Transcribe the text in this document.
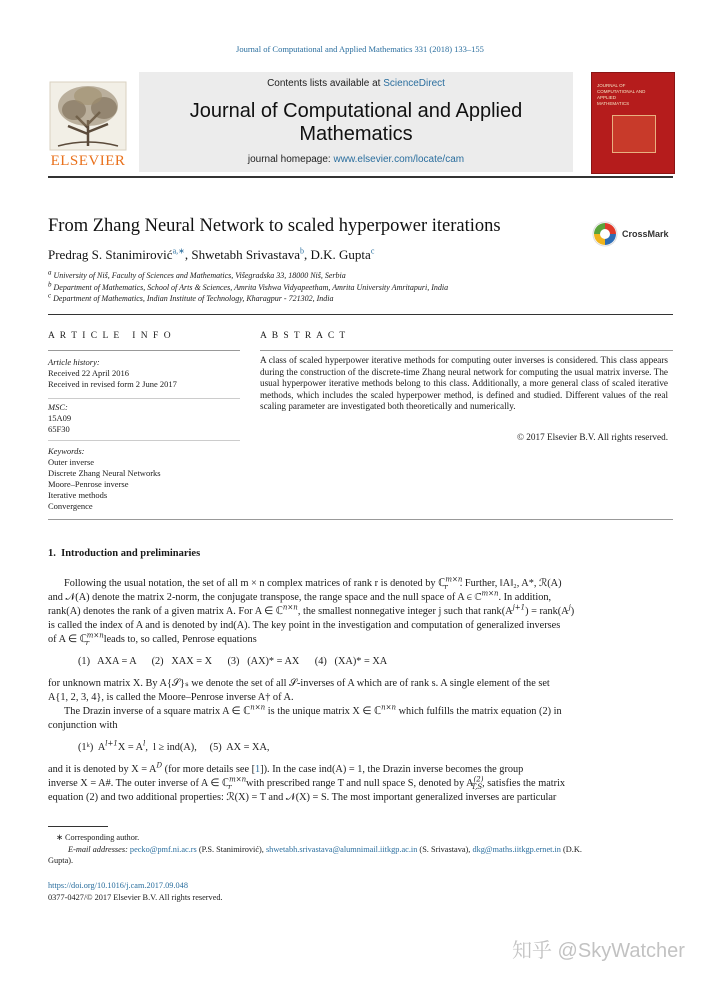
Journal of Computational and Applied Mathematics 331 (2018) 133–155
ELSEVIER
Contents lists available at ScienceDirect
Journal of Computational and Applied
Mathematics
journal homepage: www.elsevier.com/locate/cam
JOURNAL OF
COMPUTATIONAL AND
APPLIED
MATHEMATICS
From Zhang Neural Network to scaled hyperpower iterations	CrossMark
Predrag S. Stanimirović$^{a,∗}$, Shwetabh Srivastava$^b$, D.K. Gupta$^c$
$^a$ University of Niš, Faculty of Sciences and Mathematics, Višegradska 33, 18000 Niš, Serbia
$^b$ Department of Mathematics, School of Arts & Sciences, Amrita Vishwa Vidyapeetham, Amrita University Amritapuri, India
$^c$ Department of Mathematics, Indian Institute of Technology, Kharagpur - 721302, India
A R T I C L E   I N F O
Article history:
Received 22 April 2016
Received in revised form 2 June 2017
MSC:
15A09
65F30
Keywords:
Outer inverse
Discrete Zhang Neural Networks
Moore–Penrose inverse
Iterative methods
Convergence
A B S T R A C T
A class of scaled hyperpower iterative methods for computing outer inverses is considered. This class appears during the construction of the discrete-time Zhang neural network for computing the usual matrix inverse. The usual hyperpower iterative methods belong to this class. Additionally, a more general class of scaled iterative methods, which includes the scaled hyperpower method, is defined and studied. Different values of the real scaling parameter are investigated both theoretically and numerically.
© 2017 Elsevier B.V. All rights reserved.
1.  Introduction and preliminaries
Following the usual notation, the set of all m × n complex matrices of rank r is denoted by ℂ$^{m\times n}_r$ . Further, ‖A‖₂, A*, ℛ(A)
and 𝒩(A) denote the matrix 2-norm, the conjugate transpose, the range space and the null space of A ∈ ℂ$^{m\times n}$. In addition,
rank(A) denotes the rank of a given matrix A. For A ∈ ℂ$^{n\times n}$, the smallest nonnegative integer j such that $rank(A^{j+1})$ = $rank(A^j)$
is called the index of A and is denoted by ind(A). The key point in the investigation and computation of generalized inverses
of A ∈ ℂ$^{m\times n}_r$ leads to, so called, Penrose equations
(1)   AXA = A      (2)   XAX = X      (3)   (AX)* = AX      (4)   (XA)* = XA
for unknown matrix X. By A{𝒮}ₛ we denote the set of all 𝒮-inverses of A which are of rank s. A single element of the set
A{1, 2, 3, 4}, is called the Moore–Penrose inverse A† of A.
The Drazin inverse of a square matrix A ∈ ℂ$^{n\times n}$ is the unique matrix X ∈ ℂ$^{n\times n}$ which fulfills the matrix equation (2) in
conjunction with
(1ᵏ)  $A^{l+1}X = A^l$,  l ≥ ind(A),     (5)  AX = XA,
and it is denoted by $X = A^D$ (for more details see [1]). In the case ind(A) = 1, the Drazin inverse becomes the group
inverse X = A#. The outer inverse of A ∈ ℂ$^{m\times n}_r$ with prescribed range T and null space S, denoted by $A^{(2)}_{T,S}$, satisfies the matrix
equation (2) and two additional properties: ℛ(X) = T and 𝒩(X) = S. The most important generalized inverses are particular
∗ Corresponding author.
E-mail addresses: pecko@pmf.ni.ac.rs (P.S. Stanimirović), shwetabh.srivastava@alumnimail.iitkgp.ac.in (S. Srivastava), dkg@maths.iitkgp.ernet.in (D.K.
Gupta).
https://doi.org/10.1016/j.cam.2017.09.048
0377-0427/© 2017 Elsevier B.V. All rights reserved.
知乎 @SkyWatcher
